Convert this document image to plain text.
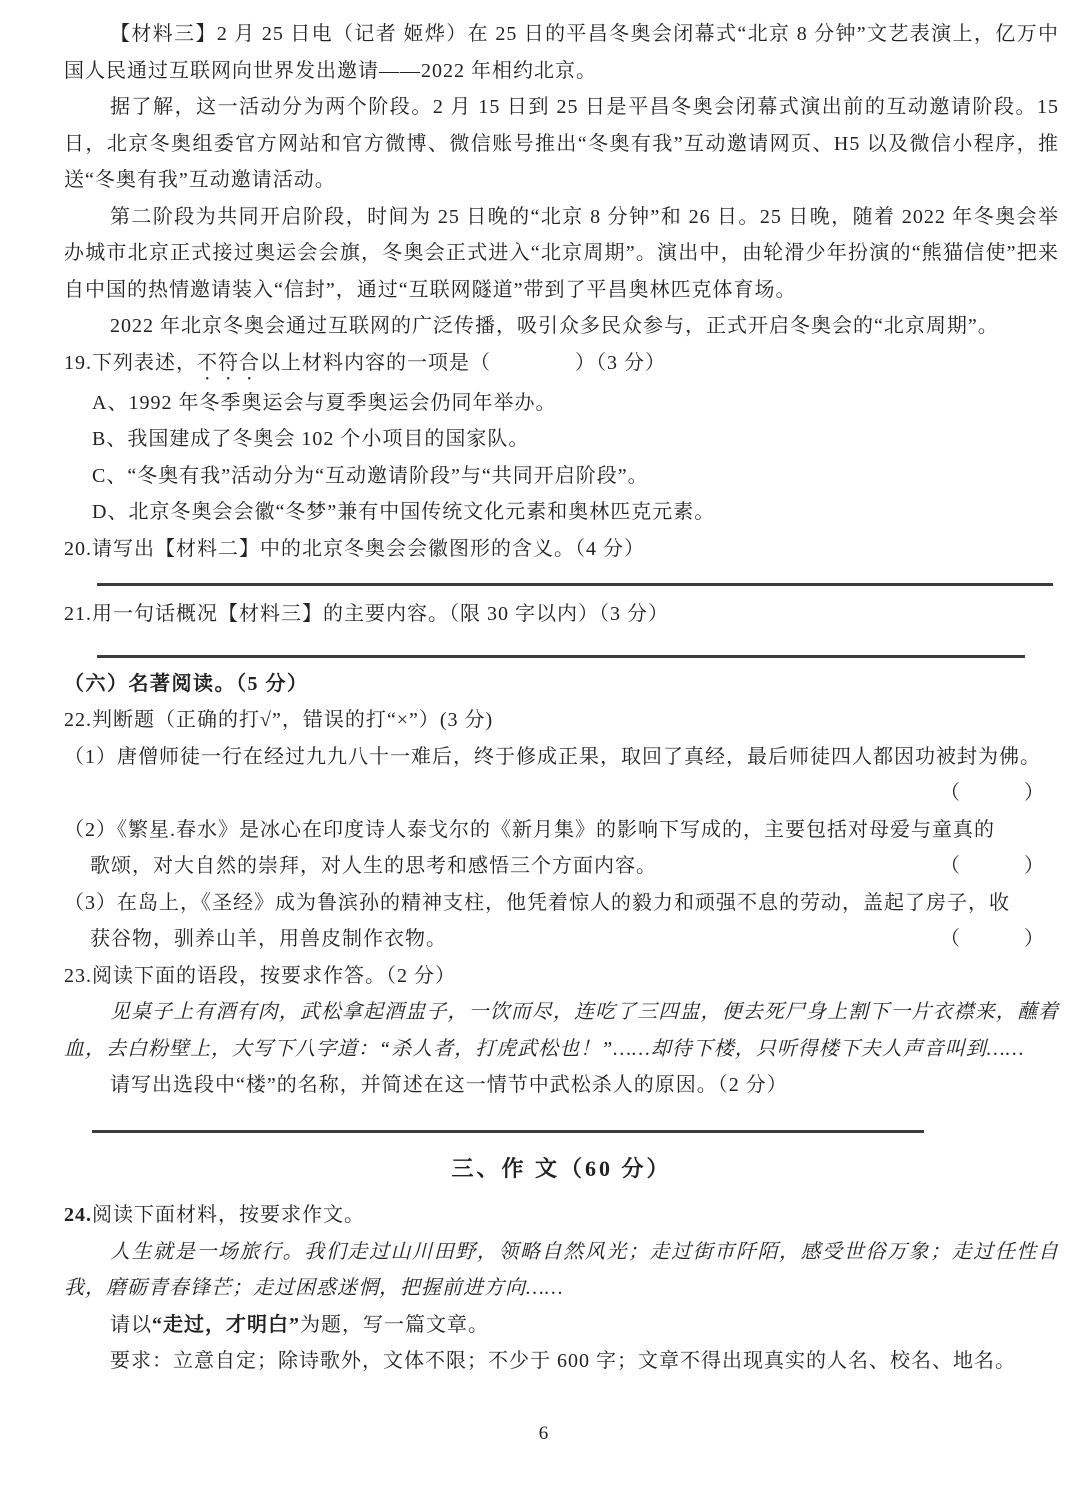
【材料三】2 月 25 日电（记者 姬烨）在 25 日的平昌冬奥会闭幕式“北京 8 分钟”文艺表演上，亿万中国人民通过互联网向世界发出邀请——2022 年相约北京。

据了解，这一活动分为两个阶段。2 月 15 日到 25 日是平昌冬奥会闭幕式演出前的互动邀请阶段。15 日，北京冬奥组委官方网站和官方微博、微信账号推出“冬奥有我”互动邀请网页、H5 以及微信小程序，推送“冬奥有我”互动邀请活动。

第二阶段为共同开启阶段，时间为 25 日晚的“北京 8 分钟”和 26 日。25 日晚，随着 2022 年冬奥会举办城市北京正式接过奥运会会旗，冬奥会正式进入“北京周期”。演出中，由轮滑少年扮演的“熊猫信使”把来自中国的热情邀请装入“信封”，通过“互联网隧道”带到了平昌奥林匹克体育场。

2022 年北京冬奥会通过互联网的广泛传播，吸引众多民众参与，正式开启冬奥会的“北京周期”。

19.下列表述，不符合以上材料内容的一项是（　　　　）（3 分）

A、1992 年冬季奥运会与夏季奥运会仍同年举办。

B、我国建成了冬奥会 102 个小项目的国家队。

C、“冬奥有我”活动分为“互动邀请阶段”与“共同开启阶段”。

D、北京冬奥会会徽“冬梦”兼有中国传统文化元素和奥林匹克元素。

20.请写出【材料二】中的北京冬奥会会徽图形的含义。（4 分）

21.用一句话概况【材料三】的主要内容。（限 30 字以内）（3 分）

（六）名著阅读。（5 分）

22.判断题（正确的打√”，错误的打“×”）(3 分)

（1）唐僧师徒一行在经过九九八十一难后，终于修成正果，取回了真经，最后师徒四人都因功被封为佛。

（　　　）

（2）《繁星.春水》是冰心在印度诗人泰戈尔的《新月集》的影响下写成的，主要包括对母爱与童真的

歌颂，对大自然的崇拜，对人生的思考和感悟三个方面内容。	（　　　）

（3）在岛上，《圣经》成为鲁滨孙的精神支柱，他凭着惊人的毅力和顽强不息的劳动，盖起了房子，收

获谷物，驯养山羊，用兽皮制作衣物。	（　　　）

23.阅读下面的语段，按要求作答。（2 分）

见桌子上有酒有肉，武松拿起酒盅子，一饮而尽，连吃了三四盅，便去死尸身上割下一片衣襟来，蘸着血，去白粉壁上，大写下八字道：“杀人者，打虎武松也！”……却待下楼，只听得楼下夫人声音叫到……

请写出选段中“楼”的名称，并简述在这一情节中武松杀人的原因。（2 分）

三、作 文（60 分）

24.阅读下面材料，按要求作文。

人生就是一场旅行。我们走过山川田野，领略自然风光；走过街市阡陌，感受世俗万象；走过任性自我，磨砺青春锋芒；走过困惑迷惘，把握前进方向……

请以“走过，才明白”为题，写一篇文章。

要求：立意自定；除诗歌外，文体不限；不少于 600 字；文章不得出现真实的人名、校名、地名。

6
